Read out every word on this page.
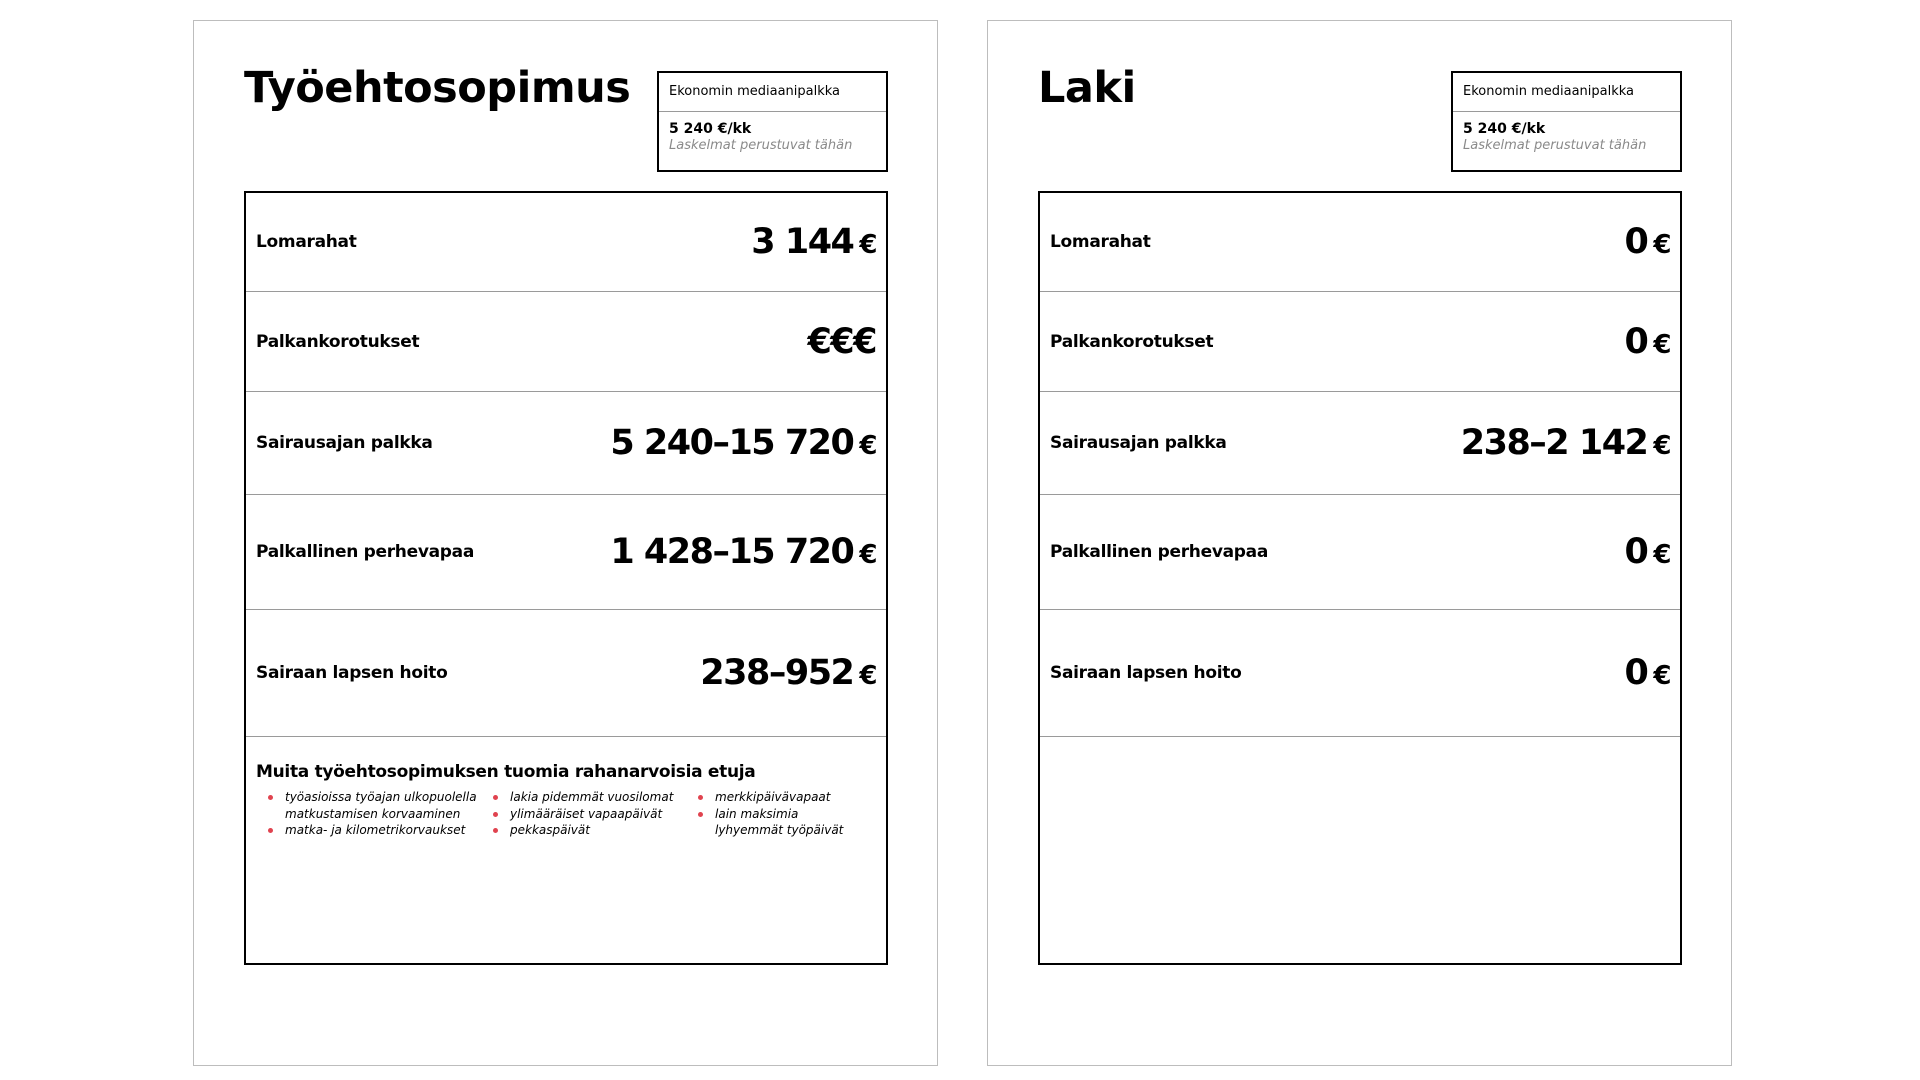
Työehtosopimus	Ekonomin mediaanipalkka
5 240 €/kk
Laskelmat perustuvat tähän
Lomarahat	3 144 €
Palkankorotukset	€€€
Sairausajan palkka	5 240–15 720 €
Palkallinen perhevapaa	1 428–15 720 €
Sairaan lapsen hoito	238–952 €
Muita työehtosopimuksen tuomia rahanarvoisia etuja
työasioissa työajan ulkopuolella matkustamisen korvaaminen
matka- ja kilometrikorvaukset
lakia pidemmät vuosilomat
ylimääräiset vapaapäivät
pekkaspäivät
merkkipäivävapaat
lain maksimia lyhyemmät työpäivät
Laki	Ekonomin mediaanipalkka
5 240 €/kk
Laskelmat perustuvat tähän
Lomarahat	0 €
Palkankorotukset	0 €
Sairausajan palkka	238–2 142 €
Palkallinen perhevapaa	0 €
Sairaan lapsen hoito	0 €
